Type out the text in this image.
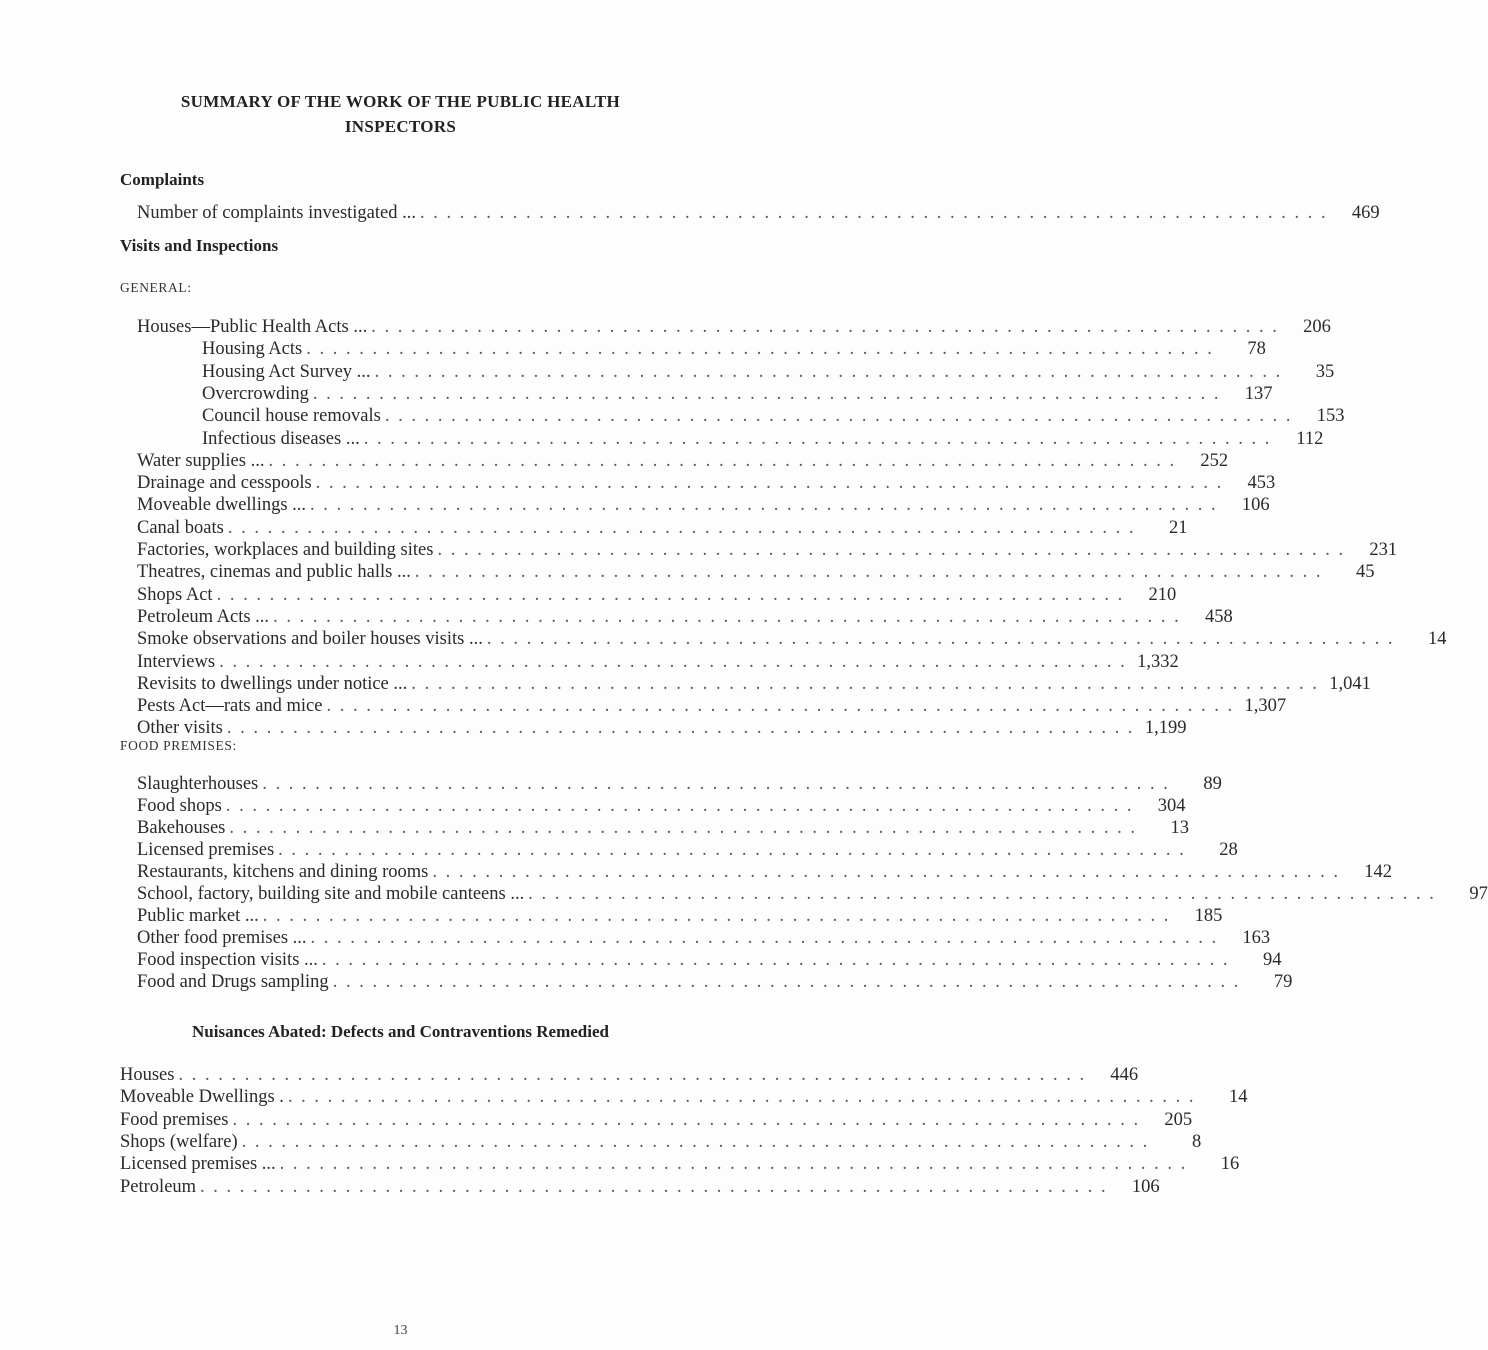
SUMMARY OF THE WORK OF THE PUBLIC HEALTH
INSPECTORS
Complaints
Number of complaints investigated ... . . . . . . . . . . . . . . . . . . . . . . . . . . . . . . . . . . . . . . . . . . . . . . . . . . . . . . . . . . . . . . . . . . . . .	469
Visits and Inspections
GENERAL:
Houses—Public Health Acts ... . . . . . . . . . . . . . . . . . . . . . . . . . . . . . . . . . . . . . . . . . . . . . . . . . . . . . . . . . . . . . . . . . . . . .	206
Housing Acts . . . . . . . . . . . . . . . . . . . . . . . . . . . . . . . . . . . . . . . . . . . . . . . . . . . . . . . . . . . . . . . . . . . . .	78
Housing Act Survey ... . . . . . . . . . . . . . . . . . . . . . . . . . . . . . . . . . . . . . . . . . . . . . . . . . . . . . . . . . . . . . . . . . . . . .	35
Overcrowding . . . . . . . . . . . . . . . . . . . . . . . . . . . . . . . . . . . . . . . . . . . . . . . . . . . . . . . . . . . . . . . . . . . . .	137
Council house removals . . . . . . . . . . . . . . . . . . . . . . . . . . . . . . . . . . . . . . . . . . . . . . . . . . . . . . . . . . . . . . . . . . . . .	153
Infectious diseases ... . . . . . . . . . . . . . . . . . . . . . . . . . . . . . . . . . . . . . . . . . . . . . . . . . . . . . . . . . . . . . . . . . . . . .	112
Water supplies ... . . . . . . . . . . . . . . . . . . . . . . . . . . . . . . . . . . . . . . . . . . . . . . . . . . . . . . . . . . . . . . . . . . . . .	252
Drainage and cesspools . . . . . . . . . . . . . . . . . . . . . . . . . . . . . . . . . . . . . . . . . . . . . . . . . . . . . . . . . . . . . . . . . . . . .	453
Moveable dwellings ... . . . . . . . . . . . . . . . . . . . . . . . . . . . . . . . . . . . . . . . . . . . . . . . . . . . . . . . . . . . . . . . . . . . . .	106
Canal boats . . . . . . . . . . . . . . . . . . . . . . . . . . . . . . . . . . . . . . . . . . . . . . . . . . . . . . . . . . . . . . . . . . . . .	21
Factories, workplaces and building sites . . . . . . . . . . . . . . . . . . . . . . . . . . . . . . . . . . . . . . . . . . . . . . . . . . . . . . . . . . . . . . . . . . . . .	231
Theatres, cinemas and public halls ... . . . . . . . . . . . . . . . . . . . . . . . . . . . . . . . . . . . . . . . . . . . . . . . . . . . . . . . . . . . . . . . . . . . . .	45
Shops Act . . . . . . . . . . . . . . . . . . . . . . . . . . . . . . . . . . . . . . . . . . . . . . . . . . . . . . . . . . . . . . . . . . . . .	210
Petroleum Acts ... . . . . . . . . . . . . . . . . . . . . . . . . . . . . . . . . . . . . . . . . . . . . . . . . . . . . . . . . . . . . . . . . . . . . .	458
Smoke observations and boiler houses visits ... . . . . . . . . . . . . . . . . . . . . . . . . . . . . . . . . . . . . . . . . . . . . . . . . . . . . . . . . . . . . . . . . . . . . .	14
Interviews . . . . . . . . . . . . . . . . . . . . . . . . . . . . . . . . . . . . . . . . . . . . . . . . . . . . . . . . . . . . . . . . . . . . . 1,332
Revisits to dwellings under notice ... . . . . . . . . . . . . . . . . . . . . . . . . . . . . . . . . . . . . . . . . . . . . . . . . . . . . . . . . . . . . . . . . . . . . . 1,041
Pests Act—rats and mice . . . . . . . . . . . . . . . . . . . . . . . . . . . . . . . . . . . . . . . . . . . . . . . . . . . . . . . . . . . . . . . . . . . . . 1,307
Other visits . . . . . . . . . . . . . . . . . . . . . . . . . . . . . . . . . . . . . . . . . . . . . . . . . . . . . . . . . . . . . . . . . . . . . 1,199
FOOD PREMISES:
Slaughterhouses . . . . . . . . . . . . . . . . . . . . . . . . . . . . . . . . . . . . . . . . . . . . . . . . . . . . . . . . . . . . . . . . . . . . .	89
Food shops . . . . . . . . . . . . . . . . . . . . . . . . . . . . . . . . . . . . . . . . . . . . . . . . . . . . . . . . . . . . . . . . . . . . .	304
Bakehouses . . . . . . . . . . . . . . . . . . . . . . . . . . . . . . . . . . . . . . . . . . . . . . . . . . . . . . . . . . . . . . . . . . . . .	13
Licensed premises . . . . . . . . . . . . . . . . . . . . . . . . . . . . . . . . . . . . . . . . . . . . . . . . . . . . . . . . . . . . . . . . . . . . .	28
Restaurants, kitchens and dining rooms . . . . . . . . . . . . . . . . . . . . . . . . . . . . . . . . . . . . . . . . . . . . . . . . . . . . . . . . . . . . . . . . . . . . .	142
School, factory, building site and mobile canteens ... . . . . . . . . . . . . . . . . . . . . . . . . . . . . . . . . . . . . . . . . . . . . . . . . . . . . . . . . . . . . . . . . . . . . .	97
Public market ... . . . . . . . . . . . . . . . . . . . . . . . . . . . . . . . . . . . . . . . . . . . . . . . . . . . . . . . . . . . . . . . . . . . . .	185
Other food premises ... . . . . . . . . . . . . . . . . . . . . . . . . . . . . . . . . . . . . . . . . . . . . . . . . . . . . . . . . . . . . . . . . . . . . .	163
Food inspection visits ... . . . . . . . . . . . . . . . . . . . . . . . . . . . . . . . . . . . . . . . . . . . . . . . . . . . . . . . . . . . . . . . . . . . . .	94
Food and Drugs sampling . . . . . . . . . . . . . . . . . . . . . . . . . . . . . . . . . . . . . . . . . . . . . . . . . . . . . . . . . . . . . . . . . . . . .	79
Nuisances Abated: Defects and Contraventions Remedied
Houses . . . . . . . . . . . . . . . . . . . . . . . . . . . . . . . . . . . . . . . . . . . . . . . . . . . . . . . . . . . . . . . . . . . . .	446
Moveable Dwellings . . . . . . . . . . . . . . . . . . . . . . . . . . . . . . . . . . . . . . . . . . . . . . . . . . . . . . . . . . . . . . . . . . . . . .	14
Food premises . . . . . . . . . . . . . . . . . . . . . . . . . . . . . . . . . . . . . . . . . . . . . . . . . . . . . . . . . . . . . . . . . . . . .	205
Shops (welfare) . . . . . . . . . . . . . . . . . . . . . . . . . . . . . . . . . . . . . . . . . . . . . . . . . . . . . . . . . . . . . . . . . . . . .	8
Licensed premises ... . . . . . . . . . . . . . . . . . . . . . . . . . . . . . . . . . . . . . . . . . . . . . . . . . . . . . . . . . . . . . . . . . . . . .	16
Petroleum . . . . . . . . . . . . . . . . . . . . . . . . . . . . . . . . . . . . . . . . . . . . . . . . . . . . . . . . . . . . . . . . . . . . .	106
13
